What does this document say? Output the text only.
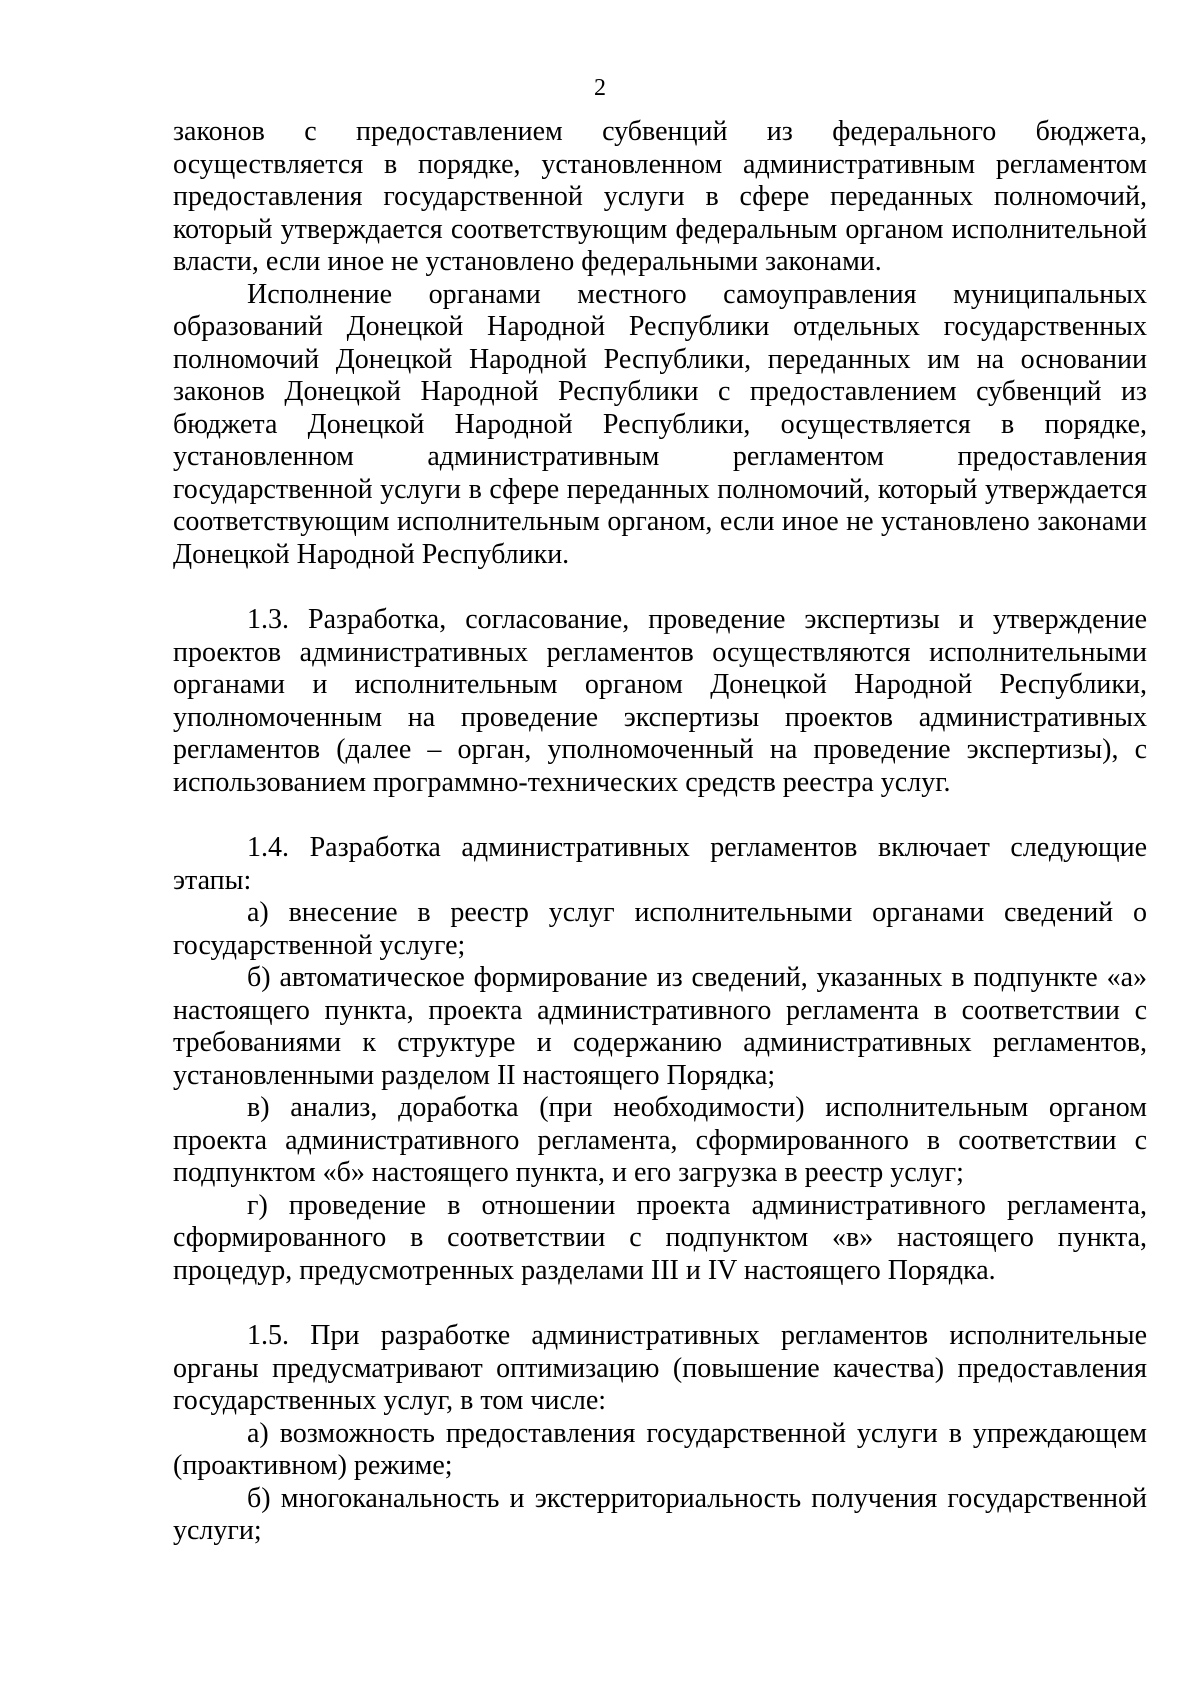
2

законов с предоставлением субвенций из федерального бюджета, осуществляется в порядке, установленном административным регламентом предоставления государственной услуги в сфере переданных полномочий, который утверждается соответствующим федеральным органом исполнительной власти, если иное не установлено федеральными законами.

Исполнение органами местного самоуправления муниципальных образований Донецкой Народной Республики отдельных государственных полномочий Донецкой Народной Республики, переданных им на основании законов Донецкой Народной Республики с предоставлением субвенций из бюджета Донецкой Народной Республики, осуществляется в порядке, установленном административным регламентом предоставления государственной услуги в сфере переданных полномочий, который утверждается соответствующим исполнительным органом, если иное не установлено законами Донецкой Народной Республики.

1.3. Разработка, согласование, проведение экспертизы и утверждение проектов административных регламентов осуществляются исполнительными органами и исполнительным органом Донецкой Народной Республики, уполномоченным на проведение экспертизы проектов административных регламентов (далее – орган, уполномоченный на проведение экспертизы), с использованием программно-технических средств реестра услуг.

1.4. Разработка административных регламентов включает следующие этапы:

а) внесение в реестр услуг исполнительными органами сведений о государственной услуге;

б) автоматическое формирование из сведений, указанных в подпункте «а» настоящего пункта, проекта административного регламента в соответствии с требованиями к структуре и содержанию административных регламентов, установленными разделом II настоящего Порядка;

в) анализ, доработка (при необходимости) исполнительным органом проекта административного регламента, сформированного в соответствии с подпунктом «б» настоящего пункта, и его загрузка в реестр услуг;

г) проведение в отношении проекта административного регламента, сформированного в соответствии с подпунктом «в» настоящего пункта, процедур, предусмотренных разделами III и IV настоящего Порядка.

1.5. При разработке административных регламентов исполнительные органы предусматривают оптимизацию (повышение качества) предоставления государственных услуг, в том числе:

а) возможность предоставления государственной услуги в упреждающем (проактивном) режиме;

б) многоканальность и экстерриториальность получения государственной услуги;
